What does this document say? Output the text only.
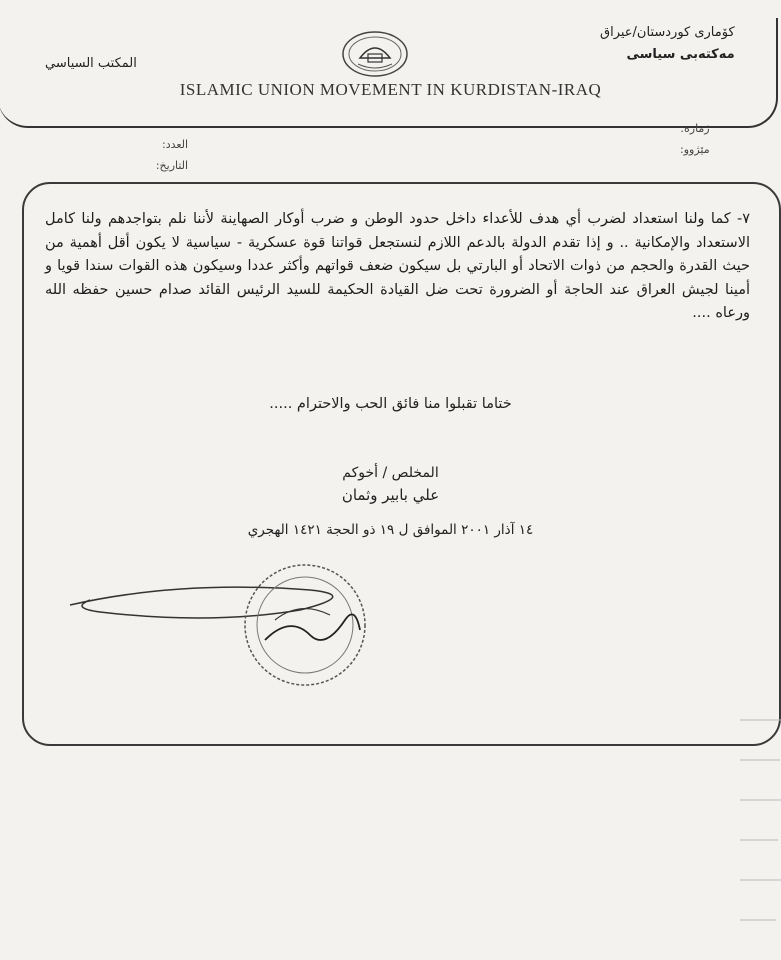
کۆماری کوردستان/عیراق
مەکتەبی سیاسی
المكتب السياسي
ISLAMIC UNION MOVEMENT IN KURDISTAN-IRAQ
ژمارە:
مێژوو:
العدد:
التاريخ:
٧- كما ولنا استعداد لضرب أي هدف للأعداء داخل حدود الوطن و ضرب أوكار الصهاينة لأننا نلم بتواجدهم ولنا كامل الاستعداد والإمكانية .. و إذا تقدم الدولة بالدعم اللازم لنستجعل قواتنا قوة عسكرية - سياسية لا يكون أقل أهمية من حيث القدرة والحجم من ذوات الاتحاد أو البارتي بل سيكون ضعف قواتهم وأكثر عددا وسيكون هذه القوات سندا قويا و أمينا لجيش العراق عند الحاجة أو الضرورة تحت ضل القيادة الحكيمة للسيد الرئيس القائد صدام حسين حفظه الله ورعاه ....
ختاما تقبلوا منا فائق الحب والاحترام .....
المخلص / أخوكم
علي بابير وثمان
١٤ آذار ٢٠٠١ الموافق ل ١٩ ذو الحجة ١٤٢١ الهجري
